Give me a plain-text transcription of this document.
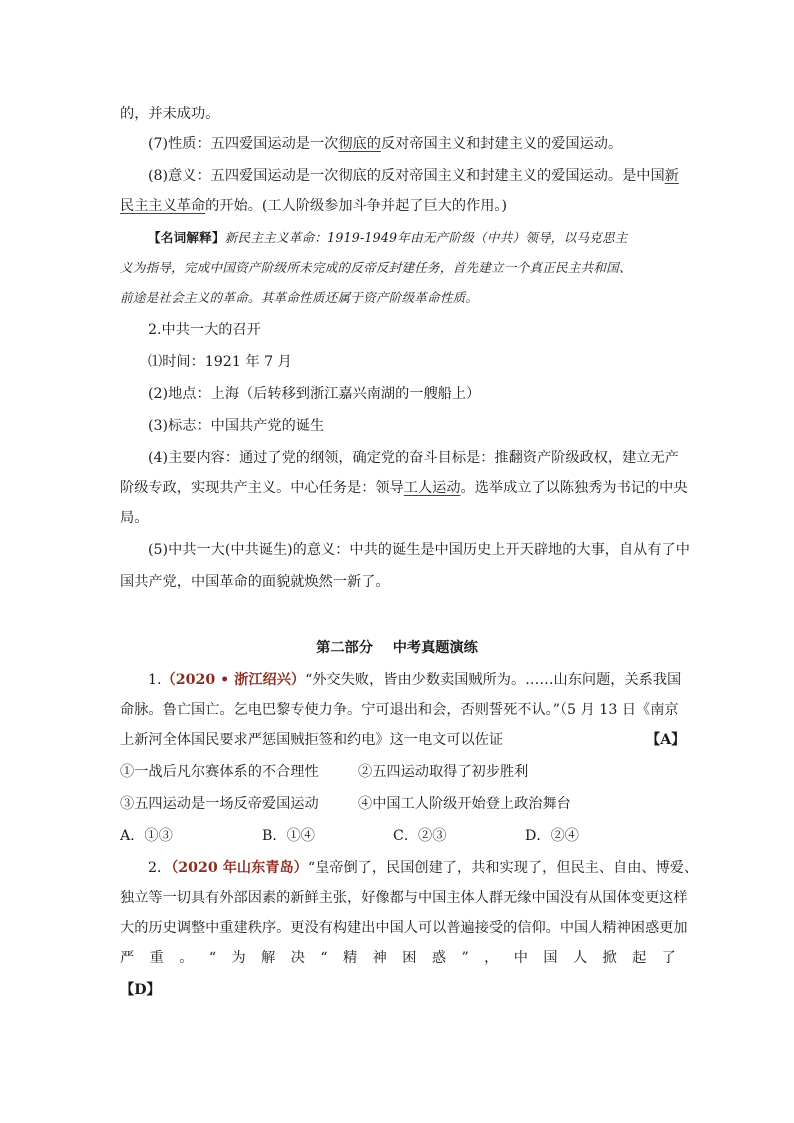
的，并未成功。
(7)性质：五四爱国运动是一次彻底的反对帝国主义和封建主义的爱国运动。
(8)意义：五四爱国运动是一次彻底的反对帝国主义和封建主义的爱国运动。是中国新
民主主义革命的开始。(工人阶级参加斗争并起了巨大的作用。)
【名词解释】新民主主义革命：1919-1949年由无产阶级（中共）领导，以马克思主
义为指导，完成中国资产阶级所未完成的反帝反封建任务，首先建立一个真正民主共和国、
前途是社会主义的革命。其革命性质还属于资产阶级革命性质。
2.中共一大的召开
⑴时间：1921 年 7 月
(2)地点：上海（后转移到浙江嘉兴南湖的一艘船上）
(3)标志：中国共产党的诞生
(4)主要内容：通过了党的纲领，确定党的奋斗目标是：推翻资产阶级政权，建立无产
阶级专政，实现共产主义。中心任务是：领导工人运动。选举成立了以陈独秀为书记的中央
局。
(5)中共一大(中共诞生)的意义：中共的诞生是中国历史上开天辟地的大事，自从有了中
国共产党，中国革命的面貌就焕然一新了。
第二部分 中考真题演练
1.（2020 • 浙江绍兴）“外交失败，皆由少数卖国贼所为。……山东问题，关系我国
命脉。鲁亡国亡。乞电巴黎专使力争。宁可退出和会，否则誓死不认。”（5 月 13 日《南京
上新河全体国民要求严惩国贼拒签和约电》这一电文可以佐证	【A】
①一战后凡尔赛体系的不合理性	②五四运动取得了初步胜利
③五四运动是一场反帝爱国运动	④中国工人阶级开始登上政治舞台
A．①③	B．①④	C．②③	D．②④
2．（2020 年山东青岛）“皇帝倒了，民国创建了，共和实现了，但民主、自由、博爱、
独立等一切具有外部因素的新鲜主张，好像都与中国主体人群无缘中国没有从国体变更这样
大的历史调整中重建秩序。更没有构建出中国人可以普遍接受的信仰。中国人精神困惑更加
严 重 。 “ 为 解 决 “ 精 神 困 惑 ” ， 中 国 人 掀 起 了
【D】
